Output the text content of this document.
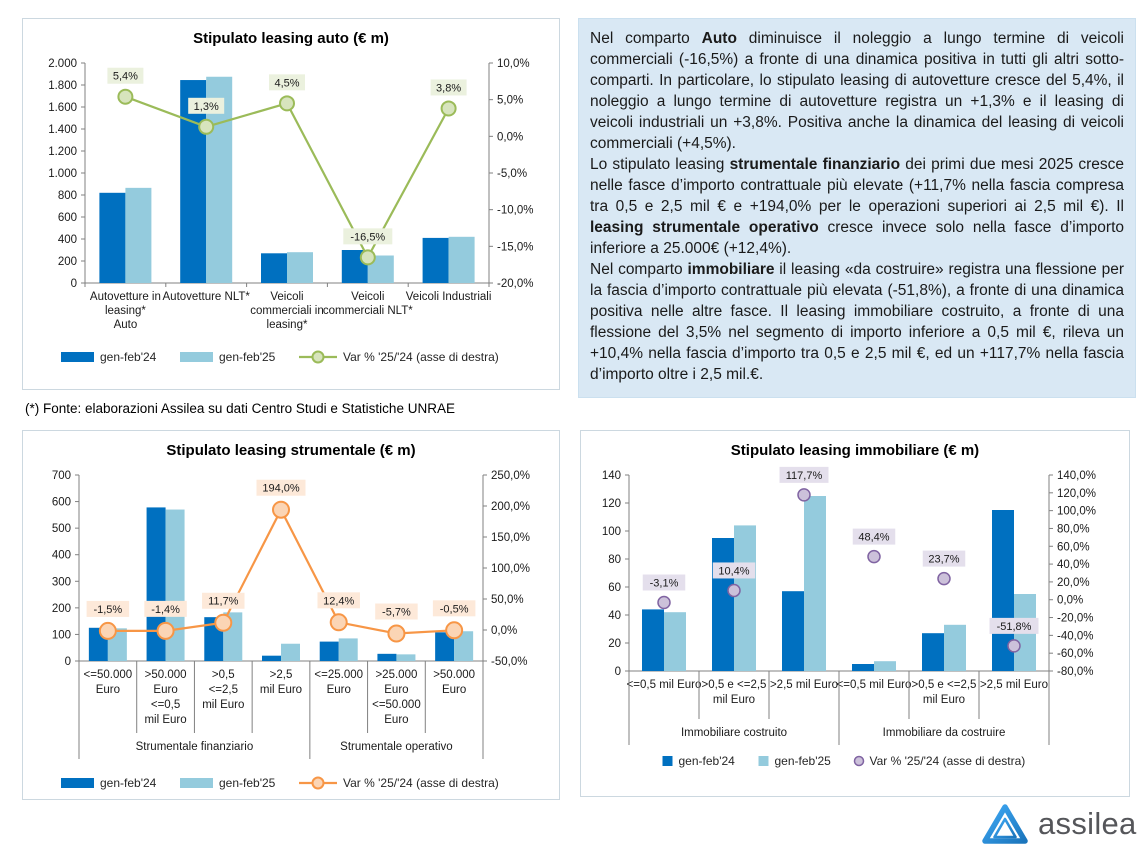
Stipulato leasing auto (€ m)
0
200
400
600
800
1.000
1.200
1.400
1.600
1.800
2.000
-20,0%
-15,0%
-10,0%
-5,0%
0,0%
5,0%
10,0%
Autovetture in
leasing*
Auto
Autovetture NLT* Veicoli
commerciali in
leasing*
Veicoli
commerciali NLT*
Veicoli Industriali
5,4%
1,3%
4,5%
-16,5%
3,8%
gen-feb'24	gen-feb'25	Var % '25/'24 (asse di destra)
(*) Fonte: elaborazioni Assilea su dati Centro Studi e Statistiche UNRAE

Nel comparto Auto diminuisce il noleggio a lungo termine di veicoli commerciali (-16,5%) a fronte di una dinamica positiva in tutti gli altri sotto-comparti. In particolare, lo stipulato leasing di autovetture cresce del 5,4%, il noleggio a lungo termine di autovetture registra un +1,3% e il leasing di veicoli industriali un +3,8%. Positiva anche la dinamica del leasing di veicoli commerciali (+4,5%).

Lo stipulato leasing strumentale finanziario dei primi due mesi 2025 cresce nelle fasce d’importo contrattuale più elevate (+11,7% nella fascia compresa tra 0,5 e 2,5 mil € e +194,0% per le operazioni superiori ai 2,5 mil €). Il leasing strumentale operativo cresce invece solo nella fasce d’importo inferiore a 25.000€ (+12,4%).

Nel comparto immobiliare il leasing «da costruire» registra una flessione per la fascia d’importo contrattuale più elevata (-51,8%), a fronte di una dinamica positiva nelle altre fasce. Il leasing immobiliare costruito, a fronte di una flessione del 3,5% nel segmento di importo inferiore a 0,5 mil €, rileva un +10,4% nella fascia d’importo tra 0,5 e 2,5 mil €, ed un +117,7% nella fascia d’importo oltre i 2,5 mil.€.

Stipulato leasing strumentale (€ m)
0
100
200
300
400
500
600
700
-50,0%
0,0%
50,0%
100,0%
150,0%
200,0%
250,0%
<=50.000
Euro
>50.000
Euro
<=0,5
mil Euro
>0,5
<=2,5
mil Euro
>2,5
mil Euro
<=25.000
Euro
>25.000
Euro
<=50.000
Euro
>50.000
Euro
Strumentale finanziario	Strumentale operativo
-1,5%	-1,4%
11,7%
194,0%
12,4%
-5,7%	-0,5%
gen-feb'24	gen-feb'25	Var % '25/'24 (asse di destra)
Stipulato leasing immobiliare (€ m)
0
20
40
60
80
100
120
140
-80,0%
-60,0%
-40,0%
-20,0%
0,0%
20,0%
40,0%
60,0%
80,0%
100,0%
120,0%
140,0%
<=0,5 mil Euro >0,5 e <=2,5
mil Euro
>2,5 mil Euro
<=0,5 mil Euro >0,5 e <=2,5
mil Euro
>2,5 mil Euro
Immobiliare costruito	Immobiliare da costruire
-3,1%
10,4%
117,7%
48,4%
23,7%
-51,8%
gen-feb'24	gen-feb'25	Var % '25/'24 (asse di destra)
assilea
